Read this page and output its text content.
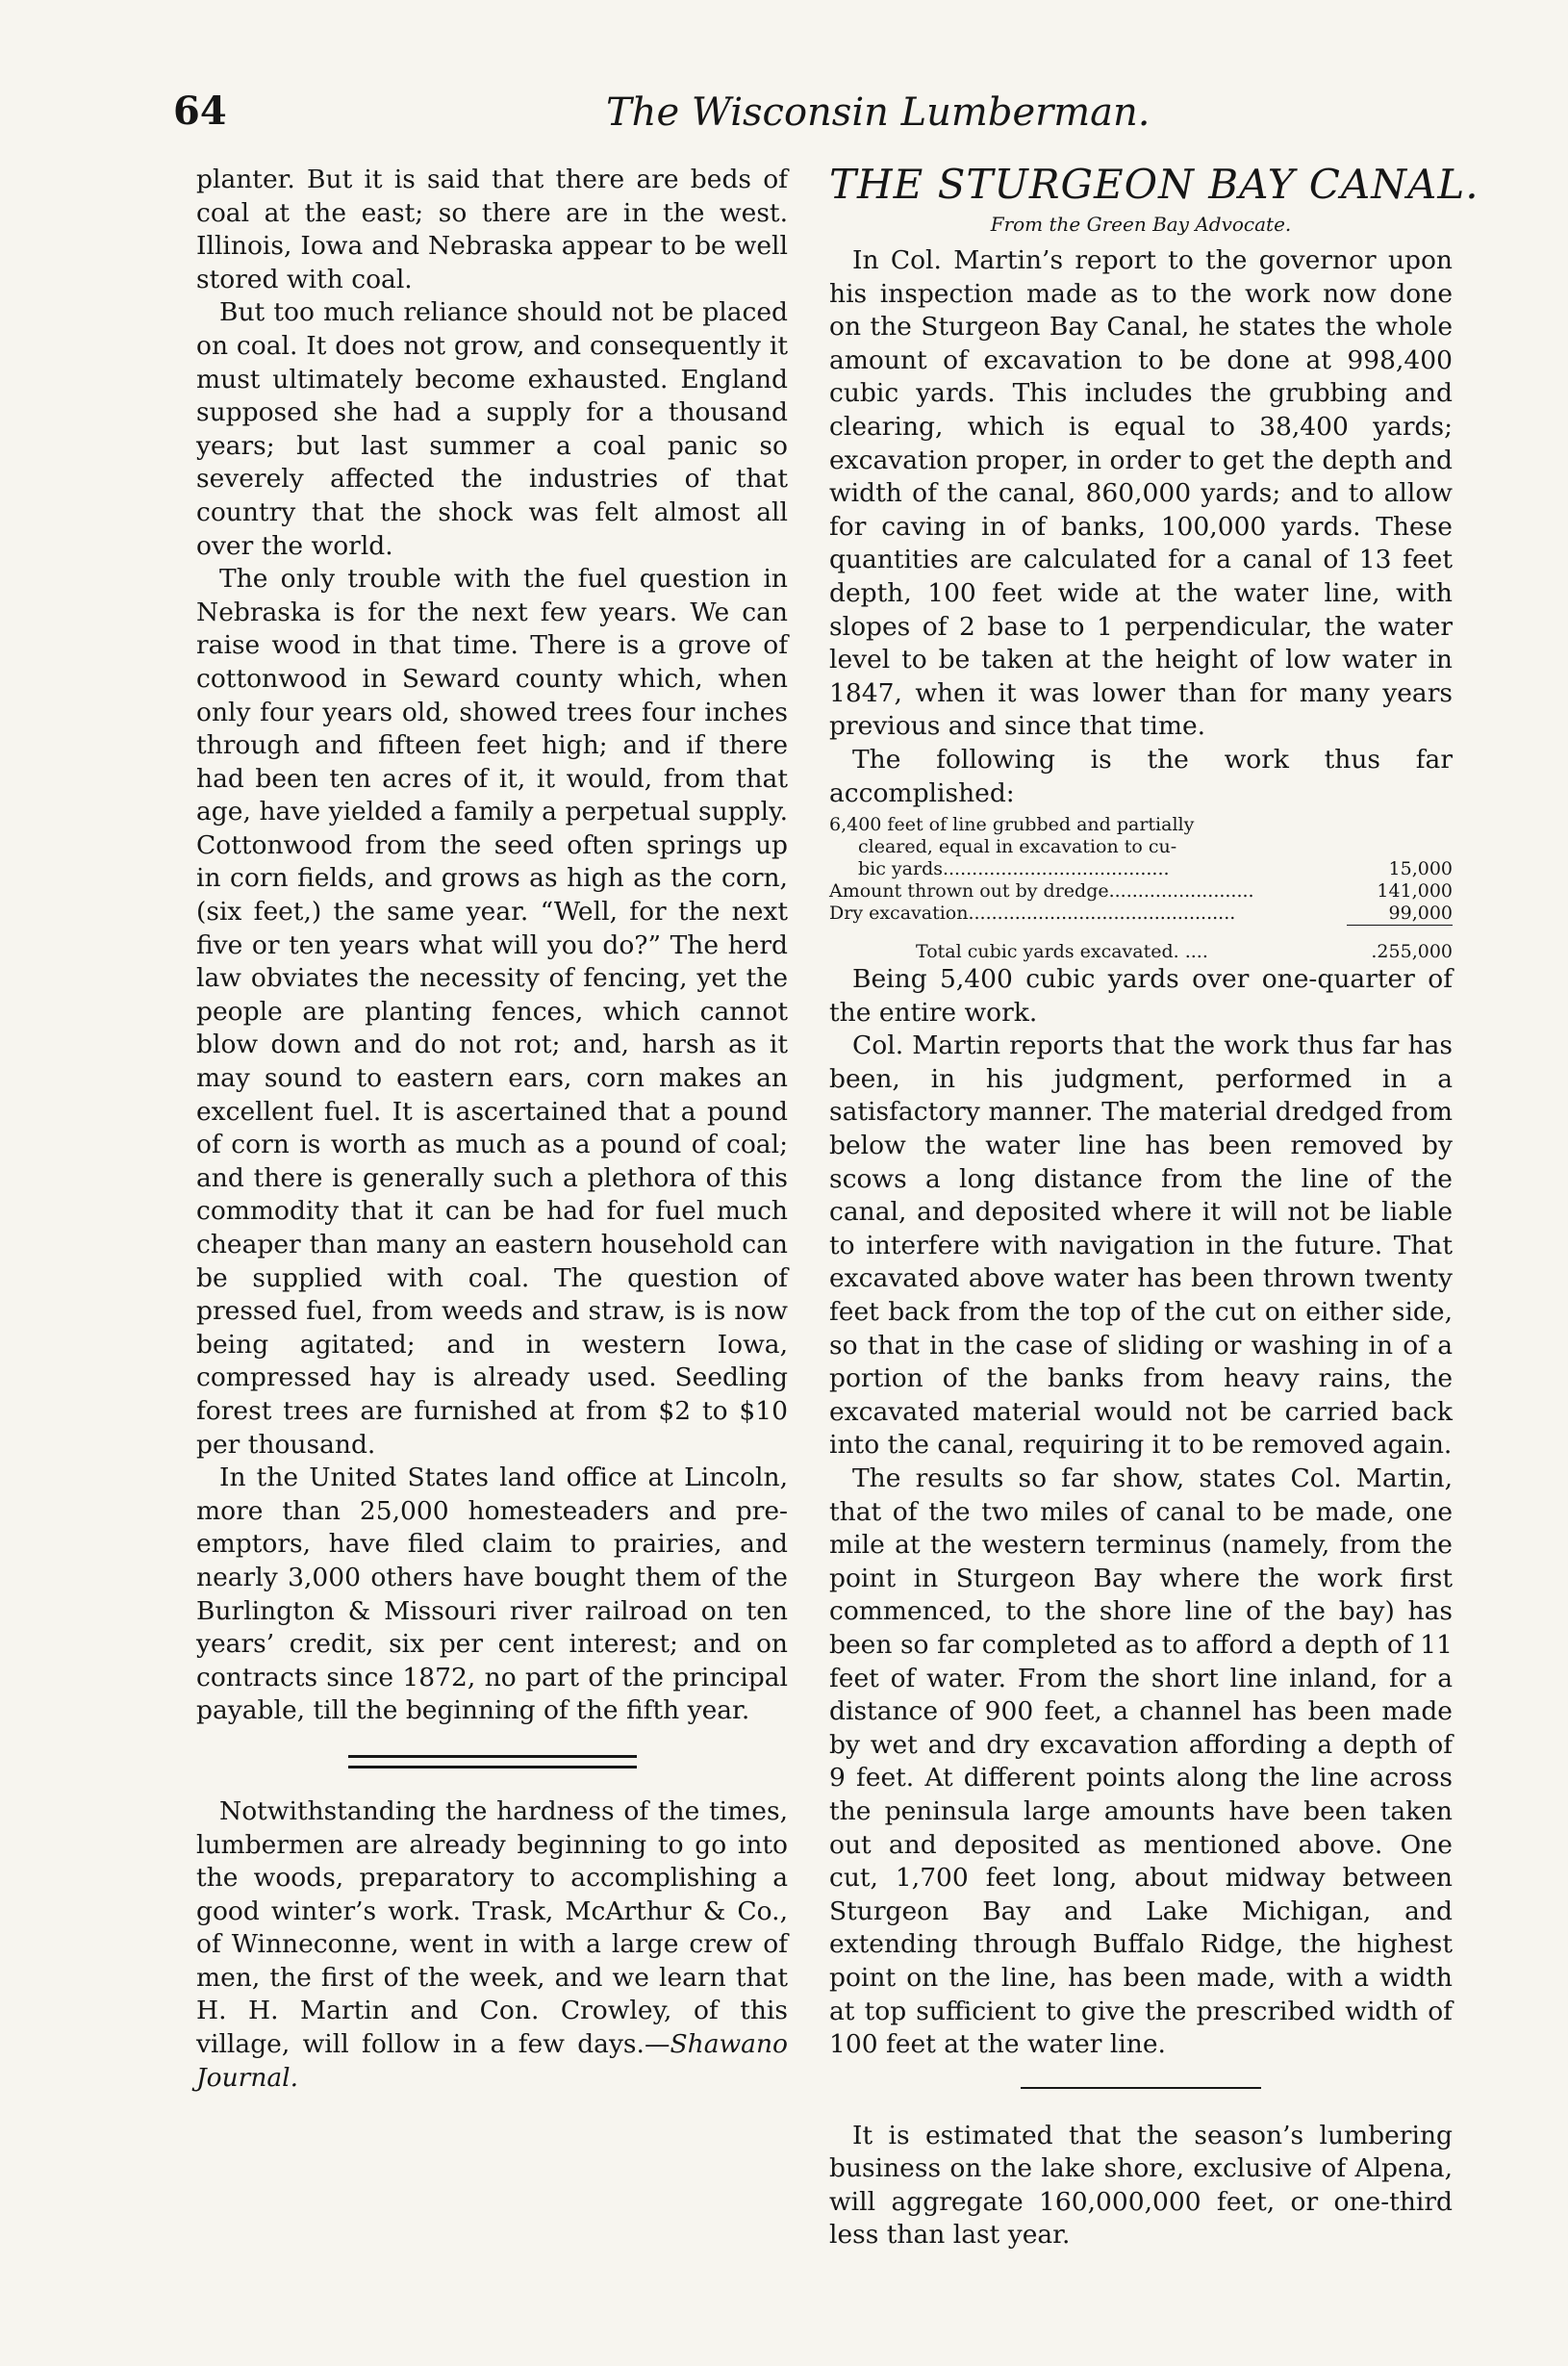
64	The Wisconsin Lumberman.

planter. But it is said that there are beds of coal at the east; so there are in the west. Illinois, Iowa and Nebraska appear to be well stored with coal.

But too much reliance should not be placed on coal. It does not grow, and consequently it must ultimately become exhausted. England supposed she had a supply for a thousand years; but last summer a coal panic so severely affected the industries of that country that the shock was felt almost all over the world.

The only trouble with the fuel question in Nebraska is for the next few years. We can raise wood in that time. There is a grove of cottonwood in Seward county which, when only four years old, showed trees four inches through and fifteen feet high; and if there had been ten acres of it, it would, from that age, have yielded a family a perpetual supply. Cottonwood from the seed often springs up in corn fields, and grows as high as the corn, (six feet,) the same year. “Well, for the next five or ten years what will you do?” The herd law obviates the necessity of fencing, yet the people are planting fences, which cannot blow down and do not rot; and, harsh as it may sound to eastern ears, corn makes an excellent fuel. It is ascertained that a pound of corn is worth as much as a pound of coal; and there is generally such a plethora of this commodity that it can be had for fuel much cheaper than many an eastern household can be supplied with coal. The question of pressed fuel, from weeds and straw, is is now being agitated; and in western Iowa, compressed hay is already used. Seedling forest trees are furnished at from $2 to $10 per thousand.

In the United States land office at Lincoln, more than 25,000 homesteaders and pre-emptors, have filed claim to prairies, and nearly 3,000 others have bought them of the Burlington & Missouri river railroad on ten years’ credit, six per cent interest; and on contracts since 1872, no part of the principal payable, till the beginning of the fifth year.

Notwithstanding the hardness of the times, lumbermen are already beginning to go into the woods, preparatory to accomplishing a good winter’s work. Trask, McArthur & Co., of Winneconne, went in with a large crew of men, the first of the week, and we learn that H. H. Martin and Con. Crowley, of this village, will follow in a few days.—Shawano Journal.

THE STURGEON BAY CANAL.
From the Green Bay Advocate.

In Col. Martin’s report to the governor upon his inspection made as to the work now done on the Sturgeon Bay Canal, he states the whole amount of excavation to be done at 998,400 cubic yards. This includes the grubbing and clearing, which is equal to 38,400 yards; excavation proper, in order to get the depth and width of the canal, 860,000 yards; and to allow for caving in of banks, 100,000 yards. These quantities are calculated for a canal of 13 feet depth, 100 feet wide at the water line, with slopes of 2 base to 1 perpendicular, the water level to be taken at the height of low water in 1847, when it was lower than for many years previous and since that time.

The following is the work thus far accomplished:

6,400 feet of line grubbed and partially	
cleared, equal in excavation to cu-	
bic yards.......................................	15,000
Amount thrown out by dredge.........................	141,000
Dry excavation..............................................	99,000

Total cubic yards excavated. ....	.255,000

Being 5,400 cubic yards over one-quarter of the entire work.

Col. Martin reports that the work thus far has been, in his judgment, performed in a satisfactory manner. The material dredged from below the water line has been removed by scows a long distance from the line of the canal, and deposited where it will not be liable to interfere with navigation in the future. That excavated above water has been thrown twenty feet back from the top of the cut on either side, so that in the case of sliding or washing in of a portion of the banks from heavy rains, the excavated material would not be carried back into the canal, requiring it to be removed again.

The results so far show, states Col. Martin, that of the two miles of canal to be made, one mile at the western terminus (namely, from the point in Sturgeon Bay where the work first commenced, to the shore line of the bay) has been so far completed as to afford a depth of 11 feet of water. From the short line inland, for a distance of 900 feet, a channel has been made by wet and dry excavation affording a depth of 9 feet. At different points along the line across the peninsula large amounts have been taken out and deposited as mentioned above. One cut, 1,700 feet long, about midway between Sturgeon Bay and Lake Michigan, and extending through Buffalo Ridge, the highest point on the line, has been made, with a width at top sufficient to give the prescribed width of 100 feet at the water line.

It is estimated that the season’s lumbering business on the lake shore, exclusive of Alpena, will aggregate 160,000,000 feet, or one-third less than last year.
